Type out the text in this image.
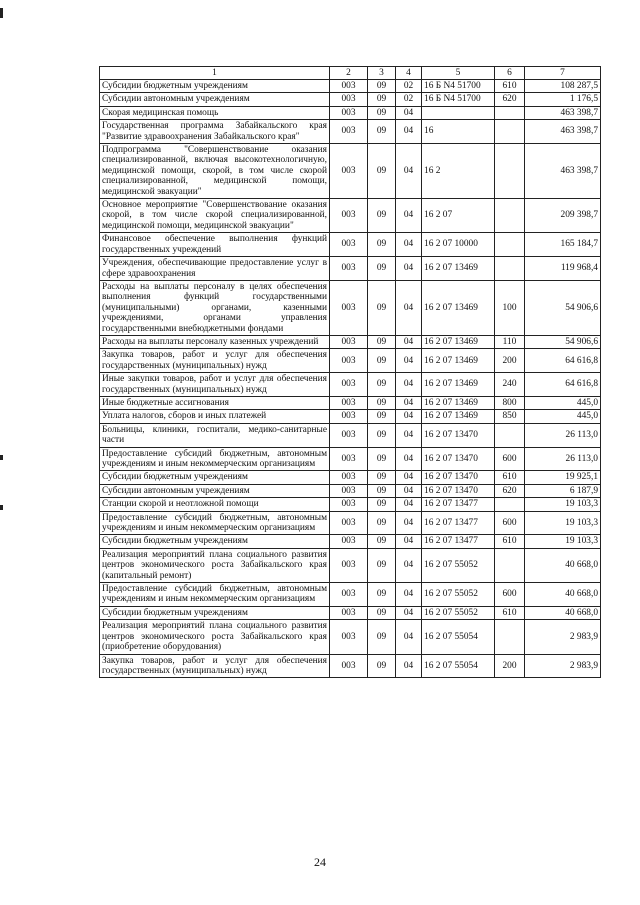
1	2	3	4	5	6	7
Субсидии бюджетным учреждениям	003	09	02	16 Б N4 51700	610	108 287,5
Субсидии автономным учреждениям	003	09	02	16 Б N4 51700	620	1 176,5
Скорая медицинская помощь	003	09	04			463 398,7
Государственная программа Забайкальского края "Развитие здравоохранения Забайкальского края"	003	09	04	16		463 398,7
Подпрограмма "Совершенствование оказания специализированной, включая высокотехнологичную, медицинской помощи, скорой, в том числе скорой специализированной, медицинской помощи, медицинской эвакуации"	003	09	04	16 2		463 398,7
Основное мероприятие "Совершенствование оказания скорой, в том числе скорой специализированной, медицинской помощи, медицинской эвакуации"	003	09	04	16 2 07		209 398,7
Финансовое обеспечение выполнения функций государственных учреждений	003	09	04	16 2 07 10000		165 184,7
Учреждения, обеспечивающие предоставление услуг в сфере здравоохранения	003	09	04	16 2 07 13469		119 968,4
Расходы на выплаты персоналу в целях обеспечения выполнения функций государственными (муниципальными) органами, казенными учреждениями, органами управления государственными внебюджетными фондами	003	09	04	16 2 07 13469	100	54 906,6
Расходы на выплаты персоналу казенных учреждений	003	09	04	16 2 07 13469	110	54 906,6
Закупка товаров, работ и услуг для обеспечения государственных (муниципальных) нужд	003	09	04	16 2 07 13469	200	64 616,8
Иные закупки товаров, работ и услуг для обеспечения государственных (муниципальных) нужд	003	09	04	16 2 07 13469	240	64 616,8
Иные бюджетные ассигнования	003	09	04	16 2 07 13469	800	445,0
Уплата налогов, сборов и иных платежей	003	09	04	16 2 07 13469	850	445,0
Больницы, клиники, госпитали, медико-санитарные части	003	09	04	16 2 07 13470		26 113,0
Предоставление субсидий бюджетным, автономным учреждениям и иным некоммерческим организациям	003	09	04	16 2 07 13470	600	26 113,0
Субсидии бюджетным учреждениям	003	09	04	16 2 07 13470	610	19 925,1
Субсидии автономным учреждениям	003	09	04	16 2 07 13470	620	6 187,9
Станции скорой и неотложной помощи	003	09	04	16 2 07 13477		19 103,3
Предоставление субсидий бюджетным, автономным учреждениям и иным некоммерческим организациям	003	09	04	16 2 07 13477	600	19 103,3
Субсидии бюджетным учреждениям	003	09	04	16 2 07 13477	610	19 103,3
Реализация мероприятий плана социального развития центров экономического роста Забайкальского края (капитальный ремонт)	003	09	04	16 2 07 55052		40 668,0
Предоставление субсидий бюджетным, автономным учреждениям и иным некоммерческим организациям	003	09	04	16 2 07 55052	600	40 668,0
Субсидии бюджетным учреждениям	003	09	04	16 2 07 55052	610	40 668,0
Реализация мероприятий плана социального развития центров экономического роста Забайкальского края (приобретение оборудования)	003	09	04	16 2 07 55054		2 983,9
Закупка товаров, работ и услуг для обеспечения государственных (муниципальных) нужд	003	09	04	16 2 07 55054	200	2 983,9
24
